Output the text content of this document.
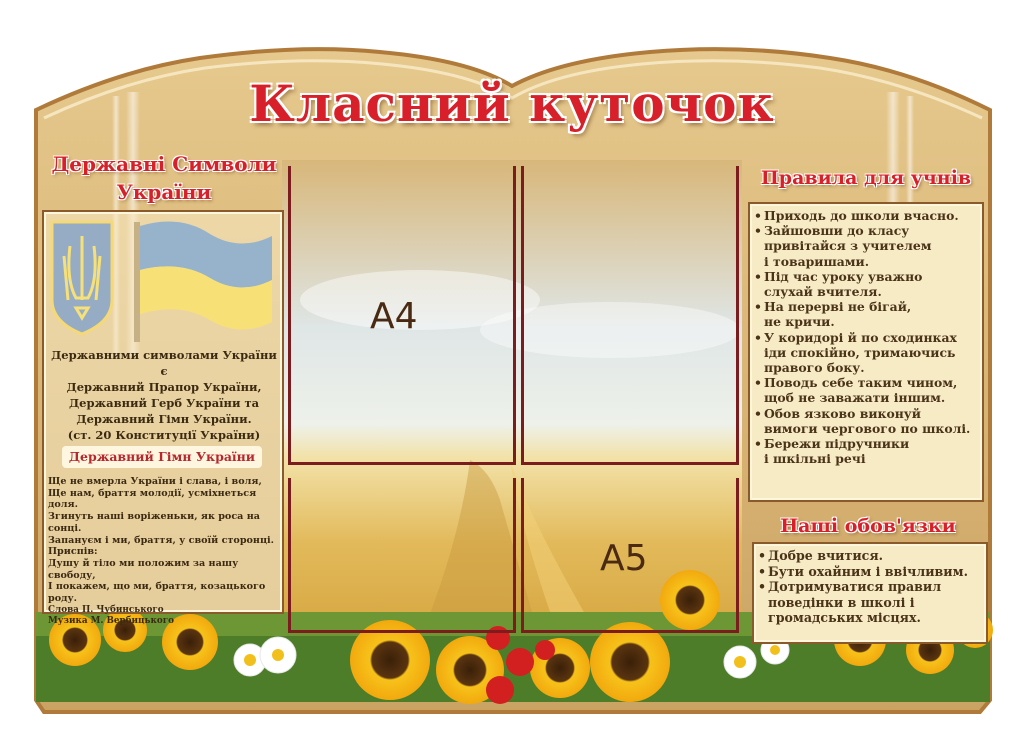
Класний куточок
Державні Символи
України
Державними символами України є
Державний Прапор України,
Державний Герб України та
Державний Гімн України.
(ст. 20 Конституції України)
Державний Гімн України
Ще не вмерла України і слава, і воля,
Ще нам, браття молодії, усміхнеться доля.
Згинуть наші воріженьки, як роса на сонці.
Запануєм і ми, браття, у своїй сторонці.
Приспів:
Душу й тіло ми положим за нашу свободу,
І покажем, що ми, браття, козацького роду.
Слова П. Чубинського
Музика М. Вербицького
A4
A5
Правила для учнів
• Приходь до школи вчасно.
• Зайшовши до класу
привітайся з учителем
і товаришами.
• Під час уроку уважно
слухай вчителя.
• На перерві не бігай,
не кричи.
• У коридорі й по сходинках
іди спокійно, тримаючись
правого боку.
• Поводь себе таким чином,
щоб не заважати іншим.
• Обов язково виконуй
вимоги чергового по школі.
• Бережи підручники
і шкільні речі
Наші обов'язки
• Добре вчитися.
• Бути охайним і ввічливим.
• Дотримуватися правил
поведінки в школі і
громадських місцях.
